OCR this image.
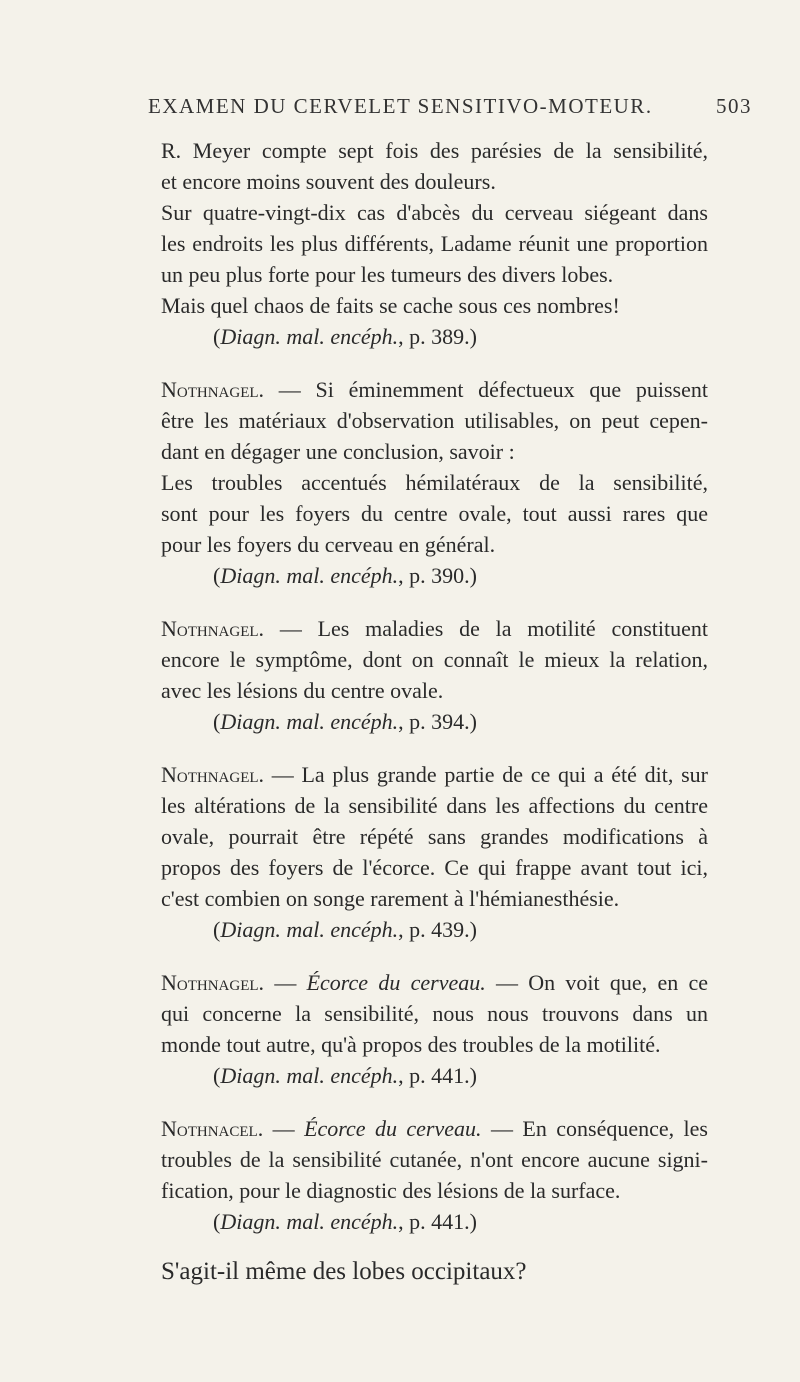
EXAMEN DU CERVELET SENSITIVO-MOTEUR.	503
R. Meyer compte sept fois des parésies de la sensibilité,
et encore moins souvent des douleurs.
Sur quatre-vingt-dix cas d'abcès du cerveau siégeant dans
les endroits les plus différents, Ladame réunit une proportion
un peu plus forte pour les tumeurs des divers lobes.
Mais quel chaos de faits se cache sous ces nombres!
(Diagn. mal. encéph., p. 389.)
Nothnagel. — Si éminemment défectueux que puissent
être les matériaux d'observation utilisables, on peut cepen-
dant en dégager une conclusion, savoir :
Les troubles accentués hémilatéraux de la sensibilité,
sont pour les foyers du centre ovale, tout aussi rares que
pour les foyers du cerveau en général.
(Diagn. mal. encéph., p. 390.)
Nothnagel. — Les maladies de la motilité constituent
encore le symptôme, dont on connaît le mieux la relation,
avec les lésions du centre ovale.
(Diagn. mal. encéph., p. 394.)
Nothnagel. — La plus grande partie de ce qui a été dit, sur
les altérations de la sensibilité dans les affections du centre
ovale, pourrait être répété sans grandes modifications à
propos des foyers de l'écorce. Ce qui frappe avant tout ici,
c'est combien on songe rarement à l'hémianesthésie.
(Diagn. mal. encéph., p. 439.)
Nothnagel. — Écorce du cerveau. — On voit que, en ce
qui concerne la sensibilité, nous nous trouvons dans un
monde tout autre, qu'à propos des troubles de la motilité.
(Diagn. mal. encéph., p. 441.)
Nothnacel. — Écorce du cerveau. — En conséquence, les
troubles de la sensibilité cutanée, n'ont encore aucune signi-
fication, pour le diagnostic des lésions de la surface.
(Diagn. mal. encéph., p. 441.)
S'agit-il même des lobes occipitaux?
